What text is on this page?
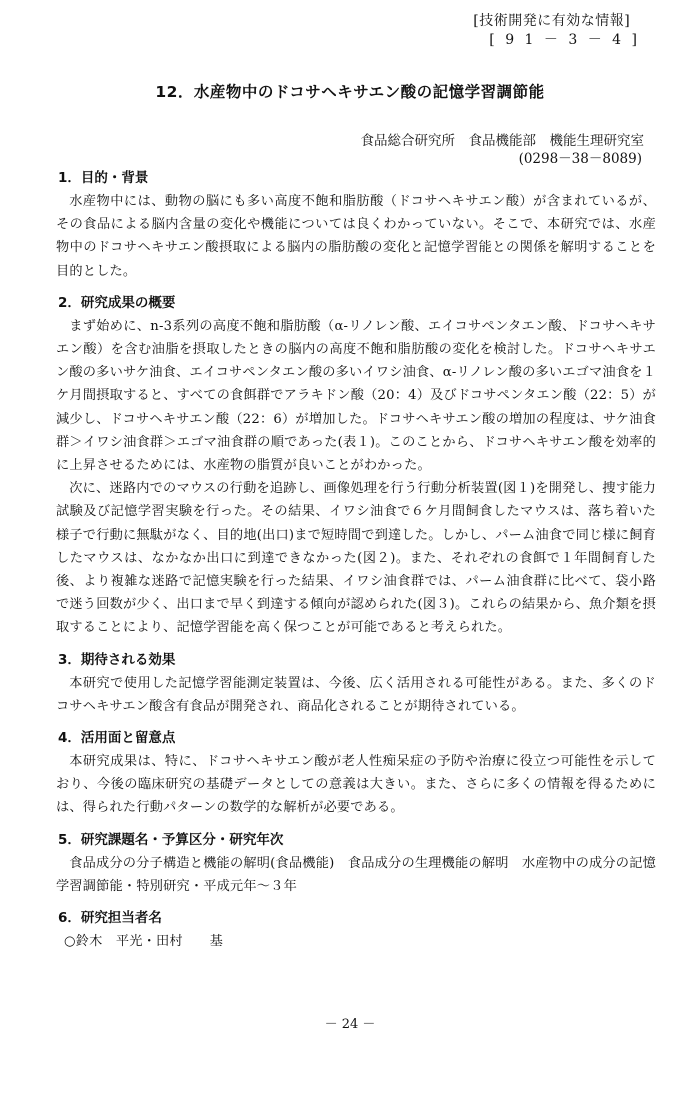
[技術開発に有効な情報]
[ 9 1 － 3 － 4 ]
12．水産物中のドコサヘキサエン酸の記憶学習調節能
食品総合研究所　食品機能部　機能生理研究室
(0298－38－8089)
1．目的・背景

水産物中には、動物の脳にも多い高度不飽和脂肪酸（ドコサヘキサエン酸）が含まれているが、その食品による脳内含量の変化や機能については良くわかっていない。そこで、本研究では、水産物中のドコサヘキサエン酸摂取による脳内の脂肪酸の変化と記憶学習能との関係を解明することを目的とした。

2．研究成果の概要

まず始めに、n-3系列の高度不飽和脂肪酸（α-リノレン酸、エイコサペンタエン酸、ドコサヘキサエン酸）を含む油脂を摂取したときの脳内の高度不飽和脂肪酸の変化を検討した。ドコサヘキサエン酸の多いサケ油食、エイコサペンタエン酸の多いイワシ油食、α-リノレン酸の多いエゴマ油食を１ケ月間摂取すると、すべての食餌群でアラキドン酸（20：4）及びドコサペンタエン酸（22：5）が減少し、ドコサヘキサエン酸（22：6）が増加した。ドコサヘキサエン酸の増加の程度は、サケ油食群＞イワシ油食群＞エゴマ油食群の順であった(表１)。このことから、ドコサヘキサエン酸を効率的に上昇させるためには、水産物の脂質が良いことがわかった。

次に、迷路内でのマウスの行動を追跡し、画像処理を行う行動分析装置(図１)を開発し、捜す能力試験及び記憶学習実験を行った。その結果、イワシ油食で６ケ月間飼食したマウスは、落ち着いた様子で行動に無駄がなく、目的地(出口)まで短時間で到達した。しかし、パーム油食で同じ様に飼育したマウスは、なかなか出口に到達できなかった(図２)。また、それぞれの食餌で１年間飼育した後、より複雑な迷路で記憶実験を行った結果、イワシ油食群では、パーム油食群に比べて、袋小路で迷う回数が少く、出口まで早く到達する傾向が認められた(図３)。これらの結果から、魚介類を摂取することにより、記憶学習能を高く保つことが可能であると考えられた。

3．期待される効果

本研究で使用した記憶学習能測定装置は、今後、広く活用される可能性がある。また、多くのドコサヘキサエン酸含有食品が開発され、商品化されることが期待されている。

4．活用面と留意点

本研究成果は、特に、ドコサヘキサエン酸が老人性痴呆症の予防や治療に役立つ可能性を示しており、今後の臨床研究の基礎データとしての意義は大きい。また、さらに多くの情報を得るためには、得られた行動パターンの数学的な解析が必要である。

5．研究課題名・予算区分・研究年次

食品成分の分子構造と機能の解明(食品機能)　食品成分の生理機能の解明　水産物中の成分の記憶学習調節能・特別研究・平成元年～３年

6．研究担当者名

○鈴木　平光・田村　　基

－ 24 －
